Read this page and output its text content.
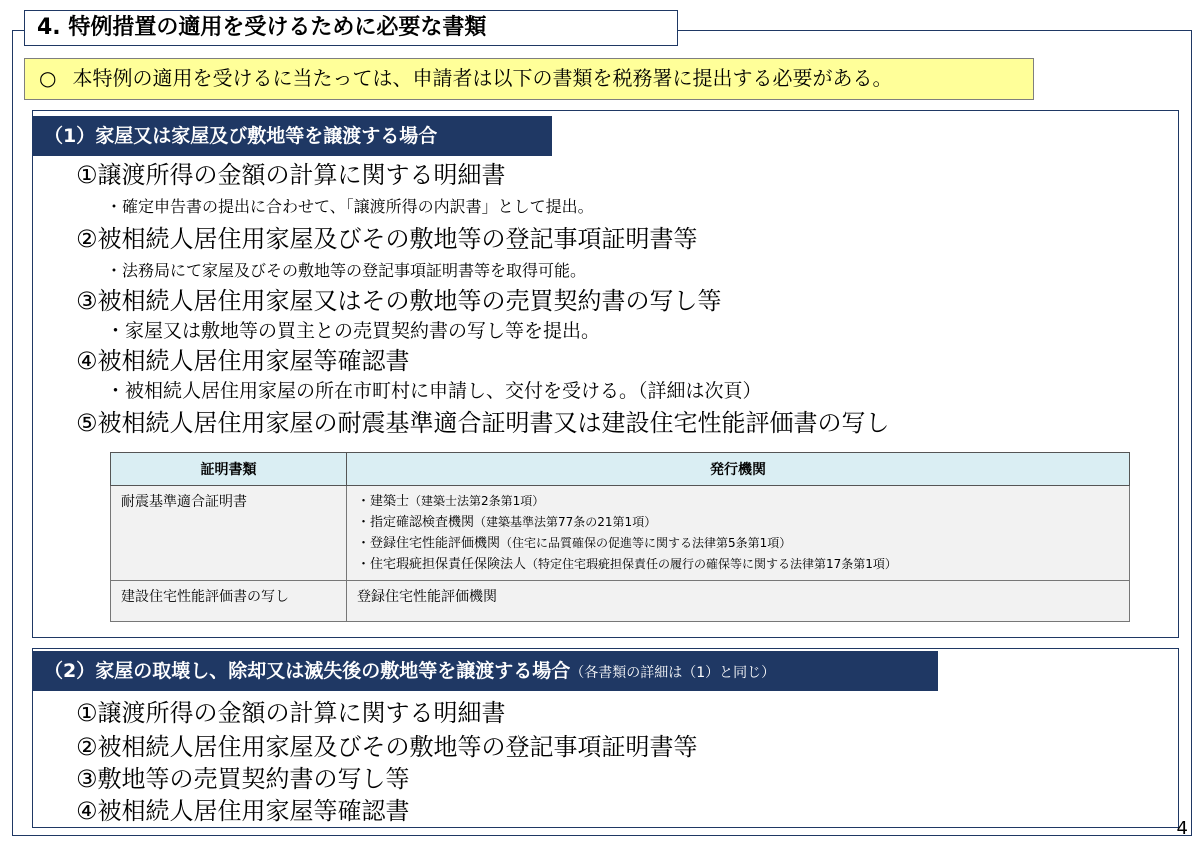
4. 特例措置の適用を受けるために必要な書類
○ 本特例の適用を受けるに当たっては、申請者は以下の書類を税務署に提出する必要がある。
（1）家屋又は家屋及び敷地等を譲渡する場合
①譲渡所得の金額の計算に関する明細書
・確定申告書の提出に合わせて、「譲渡所得の内訳書」として提出。
②被相続人居住用家屋及びその敷地等の登記事項証明書等
・法務局にて家屋及びその敷地等の登記事項証明書等を取得可能。
③被相続人居住用家屋又はその敷地等の売買契約書の写し等
・家屋又は敷地等の買主との売買契約書の写し等を提出。
④被相続人居住用家屋等確認書
・被相続人居住用家屋の所在市町村に申請し、交付を受ける。（詳細は次頁）
⑤被相続人居住用家屋の耐震基準適合証明書又は建設住宅性能評価書の写し
証明書類	発行機関
耐震基準適合証明書	・建築士（建築士法第2条第1項）
・指定確認検査機関（建築基準法第77条の21第1項）
・登録住宅性能評価機関（住宅に品質確保の促進等に関する法律第5条第1項）
・住宅瑕疵担保責任保険法人（特定住宅瑕疵担保責任の履行の確保等に関する法律第17条第1項）

建設住宅性能評価書の写し	登録住宅性能評価機関
（2）家屋の取壊し、除却又は滅失後の敷地等を譲渡する場合（各書類の詳細は（1）と同じ）
①譲渡所得の金額の計算に関する明細書
②被相続人居住用家屋及びその敷地等の登記事項証明書等
③敷地等の売買契約書の写し等
④被相続人居住用家屋等確認書
4
